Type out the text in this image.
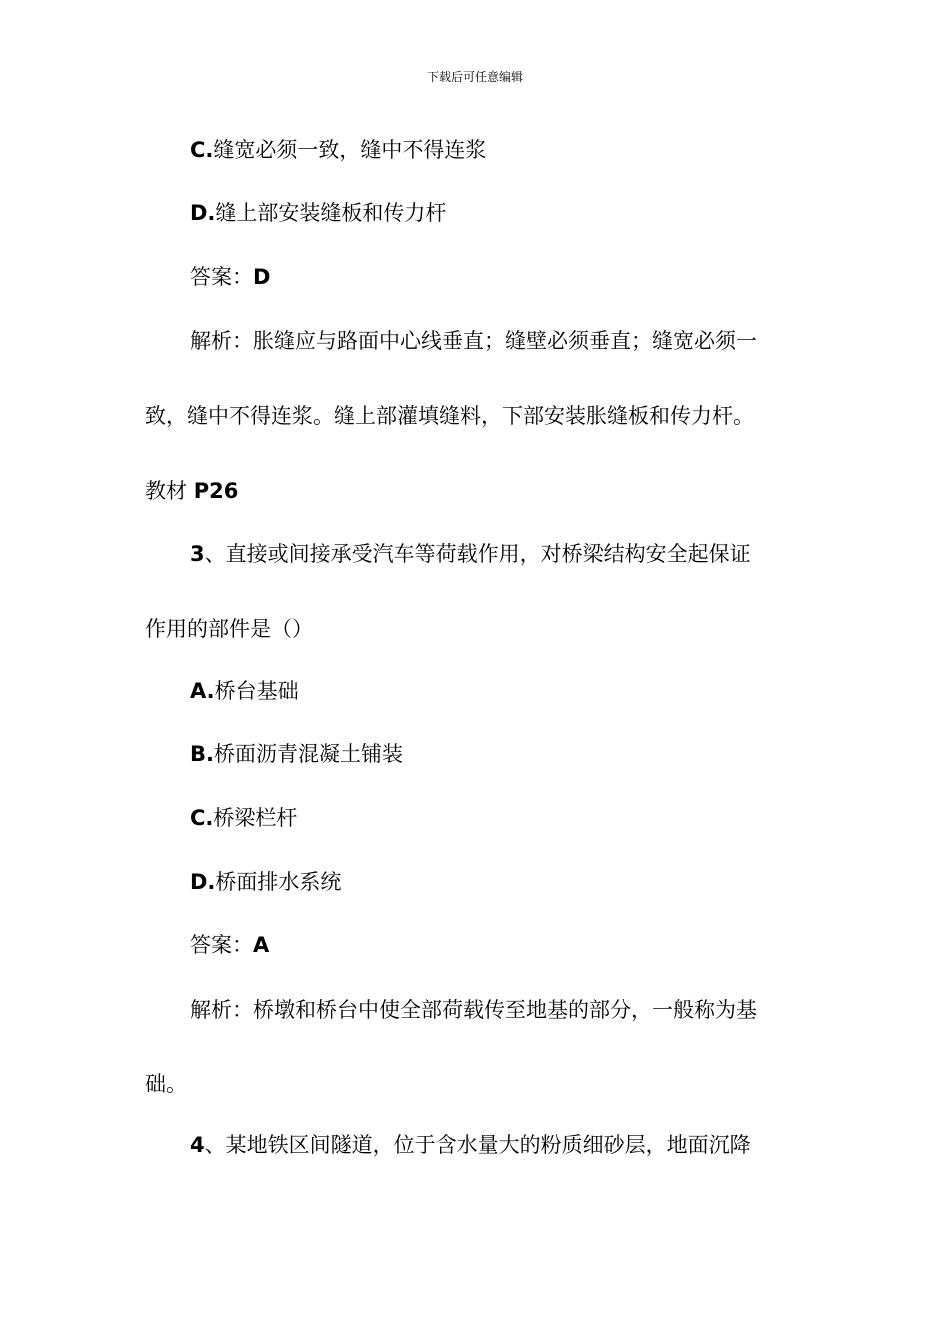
下载后可任意编辑
C.缝宽必须一致，缝中不得连浆
D.缝上部安装缝板和传力杆
答案：D
解析：胀缝应与路面中心线垂直；缝壁必须垂直；缝宽必须一
致，缝中不得连浆。缝上部灌填缝料，下部安装胀缝板和传力杆。
教材 P26
3、直接或间接承受汽车等荷载作用，对桥梁结构安全起保证
作用的部件是（）
A.桥台基础
B.桥面沥青混凝土铺装
C.桥梁栏杆
D.桥面排水系统
答案：A
解析：桥墩和桥台中使全部荷载传至地基的部分，一般称为基
础。
4、某地铁区间隧道，位于含水量大的粉质细砂层，地面沉降
